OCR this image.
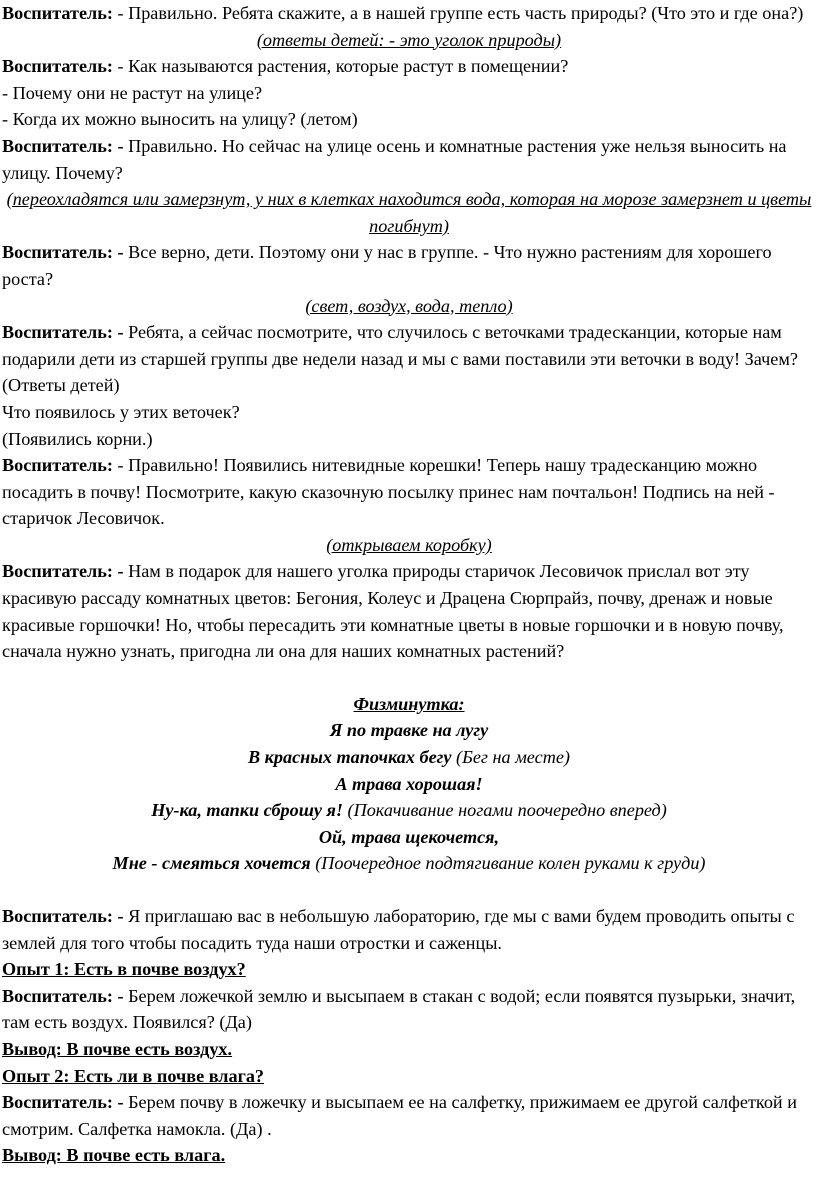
Воспитатель: - Правильно. Ребята скажите, а в нашей группе есть часть природы? (Что это и где она?)

(ответы детей: - это уголок природы)

Воспитатель: - Как называются растения, которые растут в помещении?

- Почему они не растут на улице?

- Когда их можно выносить на улицу? (летом)

Воспитатель: - Правильно. Но сейчас на улице осень и комнатные растения уже нельзя выносить на улицу. Почему?

(переохладятся или замерзнут, у них в клетках находится вода, которая на морозе замерзнет и цветы погибнут)

Воспитатель: - Все верно, дети. Поэтому они у нас в группе. - Что нужно растениям для хорошего роста?

(свет, воздух, вода, тепло)

Воспитатель: - Ребята, а сейчас посмотрите, что случилось с веточками традесканции, которые нам подарили дети из старшей группы две недели назад и мы с вами поставили эти веточки в воду! Зачем?

(Ответы детей)

Что появилось у этих веточек?

(Появились корни.)

Воспитатель: - Правильно! Появились нитевидные корешки! Теперь нашу традесканцию можно посадить в почву! Посмотрите, какую сказочную посылку принес нам почтальон! Подпись на ней - старичок Лесовичок.

(открываем коробку)

Воспитатель: - Нам в подарок для нашего уголка природы старичок Лесовичок прислал вот эту красивую рассаду комнатных цветов: Бегония, Колеус и Драцена Сюрпрайз, почву, дренаж и новые красивые горшочки! Но, чтобы пересадить эти комнатные цветы в новые горшочки и в новую почву, сначала нужно узнать, пригодна ли она для наших комнатных растений?

Физминутка:

Я по травке на лугу

В красных тапочках бегу (Бег на месте)

А трава хорошая!

Ну-ка, тапки сброшу я! (Покачивание ногами поочередно вперед)

Ой, трава щекочется,

Мне - смеяться хочется (Поочередное подтягивание колен руками к груди)

Воспитатель: - Я приглашаю вас в небольшую лабораторию, где мы с вами будем проводить опыты с землей для того чтобы посадить туда наши отростки и саженцы.

Опыт 1: Есть в почве воздух?

Воспитатель: - Берем ложечкой землю и высыпаем в стакан с водой; если появятся пузырьки, значит, там есть воздух. Появился? (Да)

Вывод: В почве есть воздух.

Опыт 2: Есть ли в почве влага?

Воспитатель: - Берем почву в ложечку и высыпаем ее на салфетку, прижимаем ее другой салфеткой и смотрим. Салфетка намокла. (Да) .

Вывод: В почве есть влага.
